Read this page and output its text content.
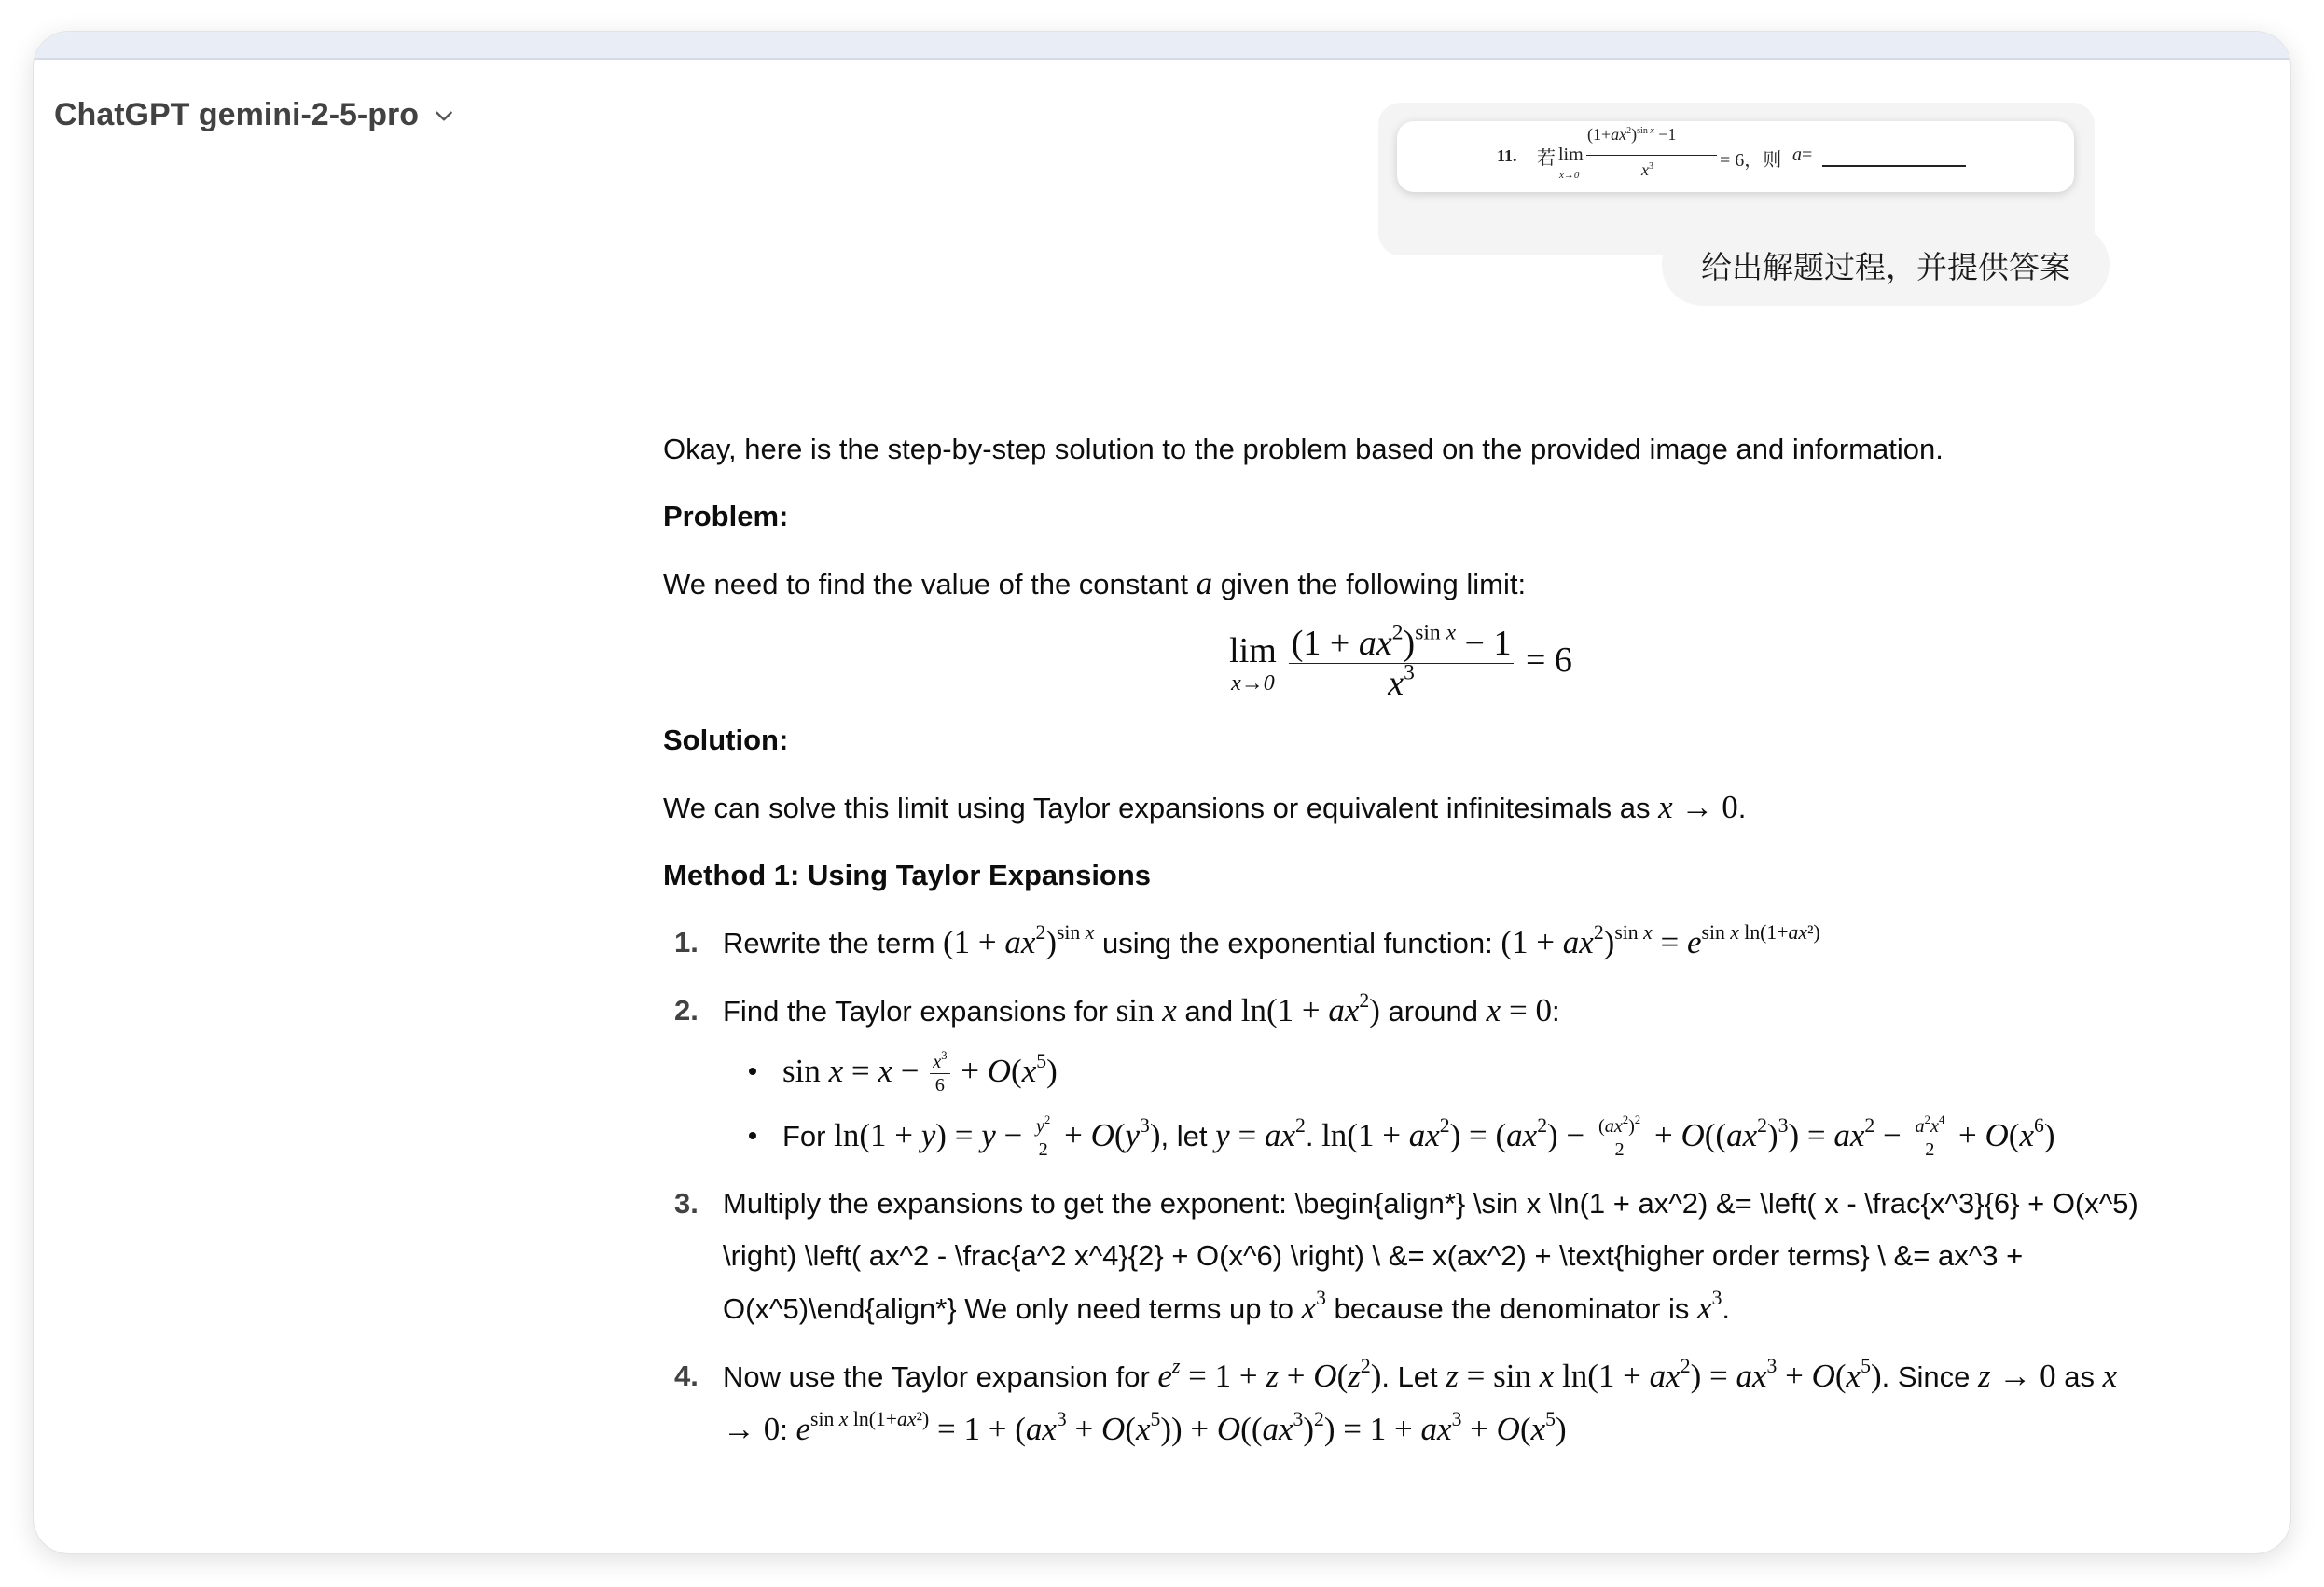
ChatGPT gemini-2-5-pro
11. 若 lim
x→0
$(1+ax^2)^{sin x} -1$
$x^3$	= 6，则 a =
给出解题过程，并提供答案

Okay, here is the step-by-step solution to the problem based on the provided image and information.

Problem:

We need to find the value of the constant a given the following limit:

lim
$x\to 0 \frac{(1 + ax^2)^{sin x} - 1}{x^3} = 6$

Solution:

We can solve this limit using Taylor expansions or equivalent infinitesimals as x → 0.

Method 1: Using Taylor Expansions

1. Rewrite the term $(1 + ax^2)^{sin x}$ using the exponential function: $(1 + ax^2)^{sin x} = e^{sin x ln(1+ax^2)}$
2. Find the Taylor expansions for sin x and $\ln(1 + ax^2)$ around x = 0:
$\sin x = x - \frac{x^3}{6} + O(x^5)$
For $\ln(1 + y) = y - \frac{y^2}{2} + O(y^3)$, let $y = ax^2$. $\ln(1 + ax^2) = (ax^2) - \frac{(ax^2)^2}{2} + O((ax^2)^3) = ax^2 - \frac{a^2x^4}{2} + O(x^6)$
3. Multiply the expansions to get the exponent: \begin{align*} \sin x \ln(1 + ax^2) &= \left( x - \frac{x^3}{6} + O(x^5) \right) \left( ax^2 - \frac{a^2 x^4}{2} + O(x^6) \right) \ &= x(ax^2) + \text{higher order terms} \ &= ax^3 + O(x^5)\end{align*} We only need terms up to $x^3$ because the denominator is $x^3$.
4. Now use the Taylor expansion for $e^z = 1 + z + O(z^2)$. Let z = sin x $\ln(1 + ax^2) = ax^3 + O(x^5)$. Since z → 0 as x → 0: $e^{sin x ln(1+ax^2)} = 1 + (ax^3 + O(x^5)) + O((ax^3)^2) = 1 + ax^3 + O(x^5)$
